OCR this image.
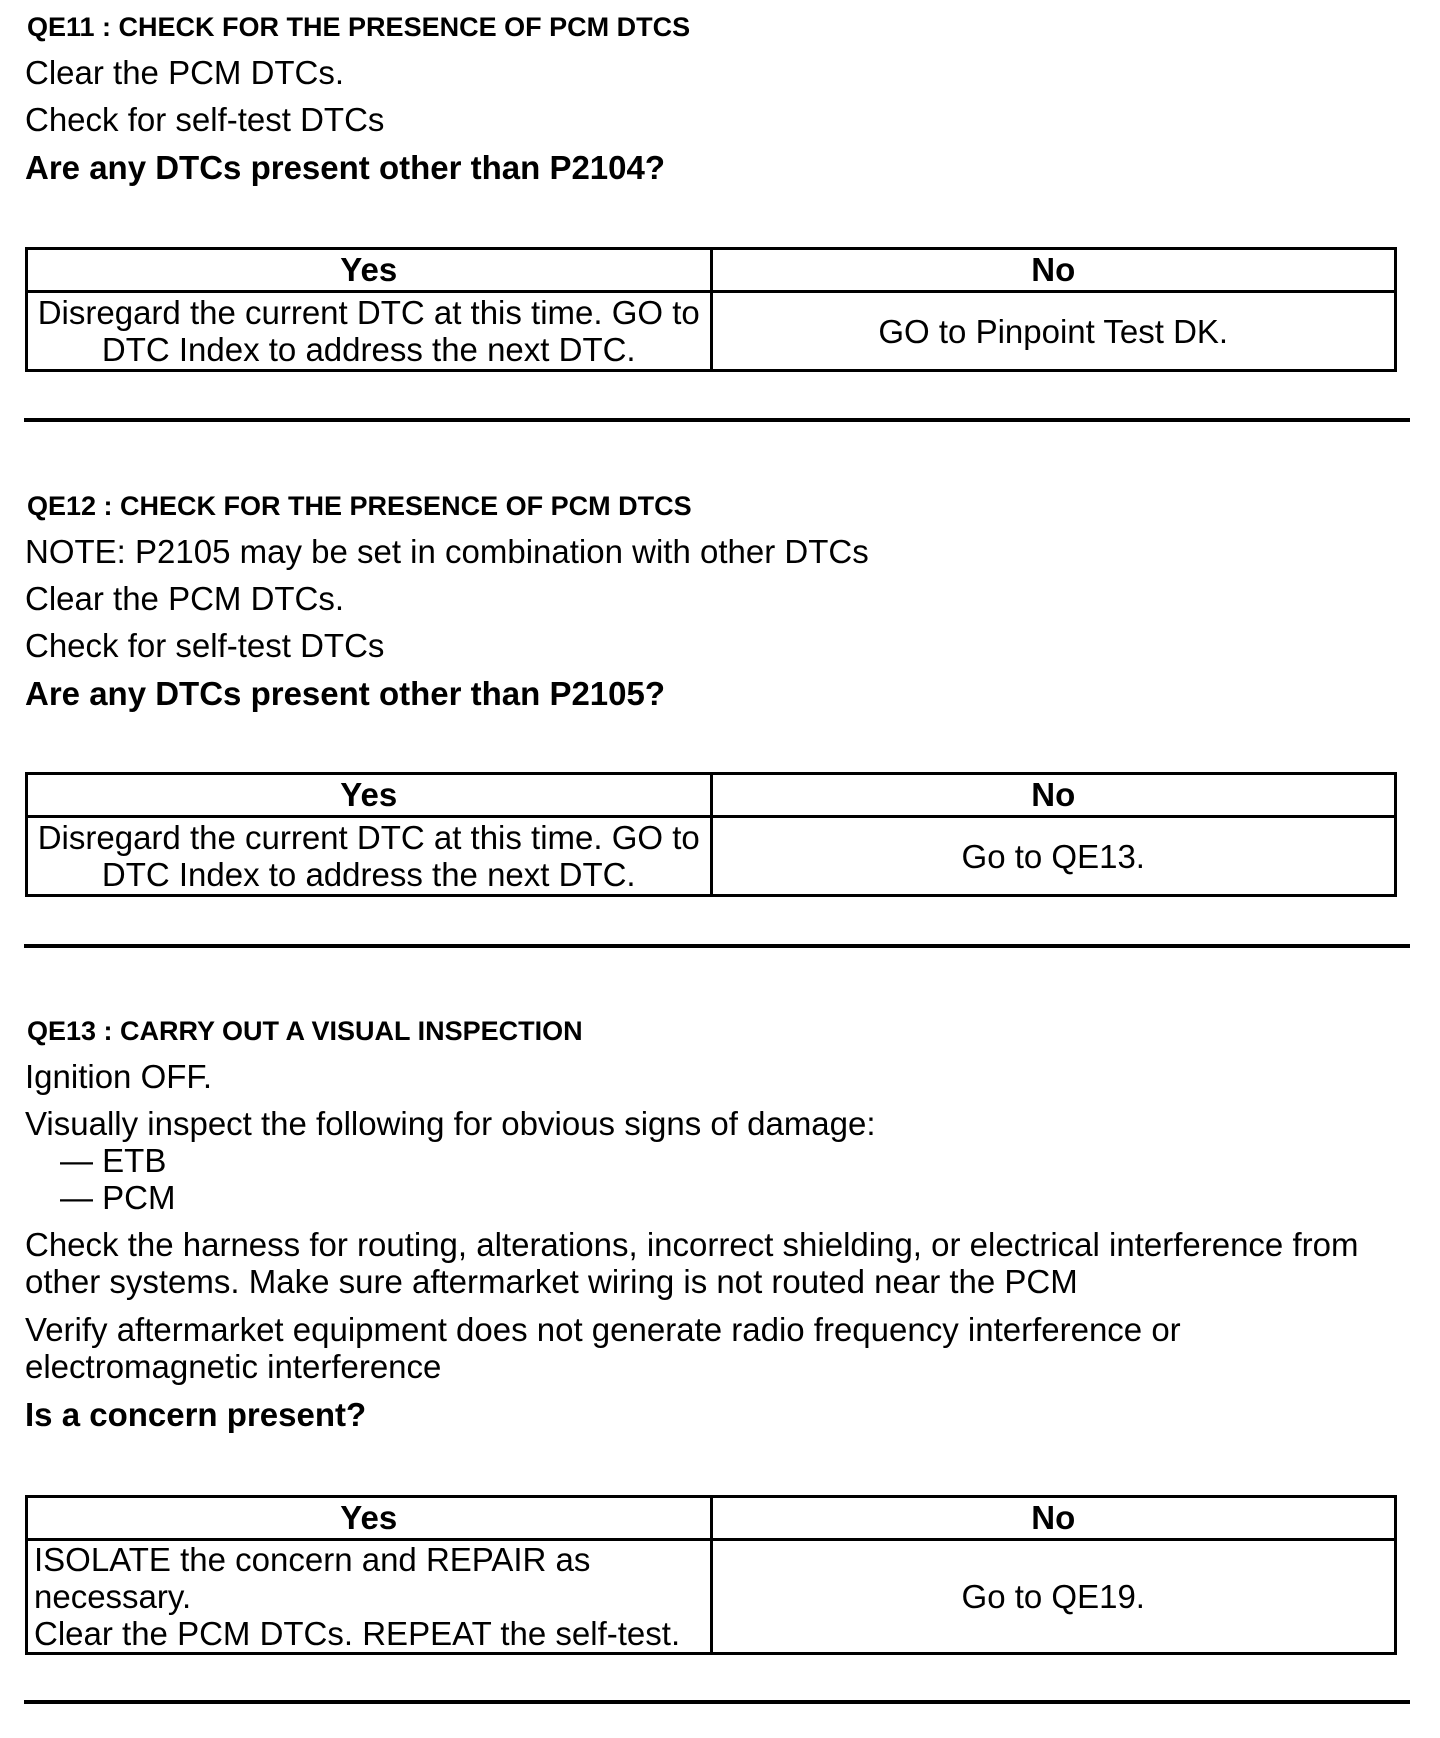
QE11 : CHECK FOR THE PRESENCE OF PCM DTCS
Clear the PCM DTCs.
Check for self-test DTCs
Are any DTCs present other than P2104?
Yes	No

Disregard the current DTC at this time. GO to
DTC Index to address the next DTC.	GO to Pinpoint Test DK.
QE12 : CHECK FOR THE PRESENCE OF PCM DTCS
NOTE: P2105 may be set in combination with other DTCs
Clear the PCM DTCs.
Check for self-test DTCs
Are any DTCs present other than P2105?
Yes	No

Disregard the current DTC at this time. GO to
DTC Index to address the next DTC.	Go to QE13.
QE13 : CARRY OUT A VISUAL INSPECTION
Ignition OFF.
Visually inspect the following for obvious signs of damage:
— ETB
— PCM
Check the harness for routing, alterations, incorrect shielding, or electrical interference from
other systems. Make sure aftermarket wiring is not routed near the PCM
Verify aftermarket equipment does not generate radio frequency interference or
electromagnetic interference
Is a concern present?
Yes	No

ISOLATE the concern and REPAIR as
necessary.
Clear the PCM DTCs. REPEAT the self-test.	Go to QE19.
